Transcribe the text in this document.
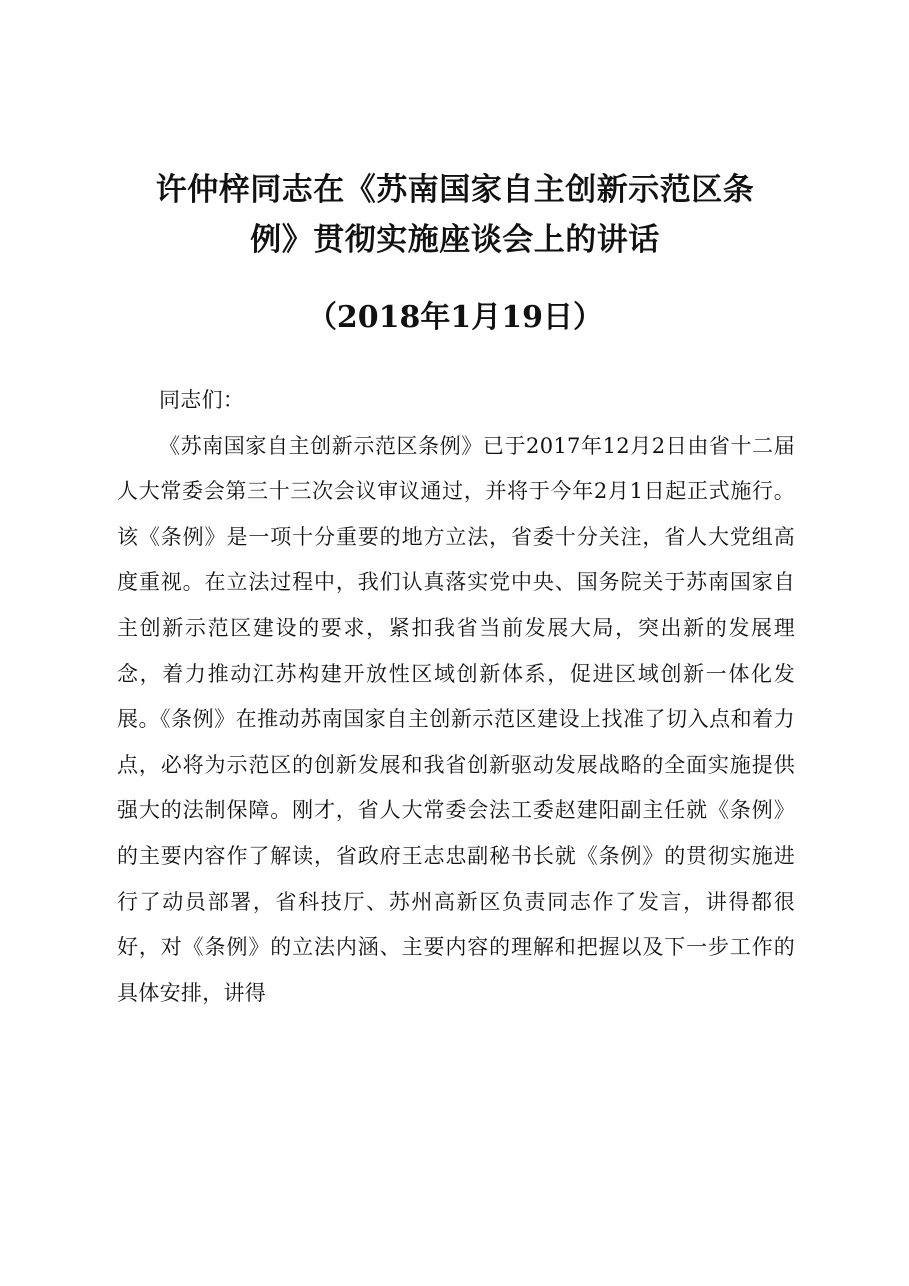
许仲梓同志在《苏南国家自主创新示范区条
例》贯彻实施座谈会上的讲话

（2018年1月19日）

同志们：

《苏南国家自主创新示范区条例》已于2017年12月2日由省十二届人大常委会第三十三次会议审议通过，并将于今年2月1日起正式施行。该《条例》是一项十分重要的地方立法，省委十分关注，省人大党组高度重视。在立法过程中，我们认真落实党中央、国务院关于苏南国家自主创新示范区建设的要求，紧扣我省当前发展大局，突出新的发展理念，着力推动江苏构建开放性区域创新体系，促进区域创新一体化发展。《条例》在推动苏南国家自主创新示范区建设上找准了切入点和着力点，必将为示范区的创新发展和我省创新驱动发展战略的全面实施提供强大的法制保障。刚才，省人大常委会法工委赵建阳副主任就《条例》的主要内容作了解读，省政府王志忠副秘书长就《条例》的贯彻实施进行了动员部署，省科技厅、苏州高新区负责同志作了发言，讲得都很好，对《条例》的立法内涵、主要内容的理解和把握以及下一步工作的具体安排，讲得
